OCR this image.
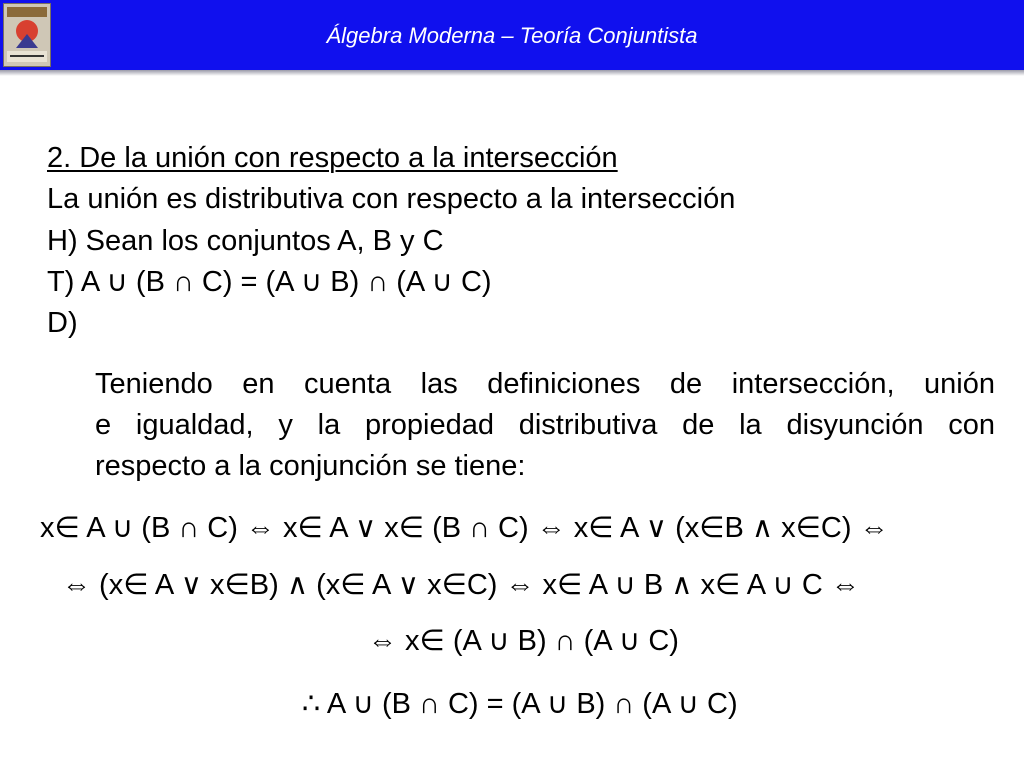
Álgebra Moderna – Teoría Conjuntista
2. De la unión con respecto a la intersección
La unión es distributiva con respecto a la intersección
H) Sean los conjuntos A, B y C
T) A ∪ (B ∩ C) = (A ∪ B) ∩ (A ∪ C)
D)
Teniendo en cuenta las definiciones de intersección, unión
e igualdad, y la propiedad distributiva de la disyunción con
respecto a la conjunción se tiene:
x∈ A ∪ (B ∩ C) ⇔ x∈ A ∨ x∈ (B ∩ C) ⇔ x∈ A ∨ (x∈B ∧ x∈C) ⇔
⇔ (x∈ A ∨ x∈B) ∧ (x∈ A ∨ x∈C) ⇔ x∈ A ∪ B ∧ x∈ A ∪ C ⇔
⇔ x∈ (A ∪ B) ∩ (A ∪ C)
∴ A ∪ (B ∩ C) = (A ∪ B) ∩ (A ∪ C)
